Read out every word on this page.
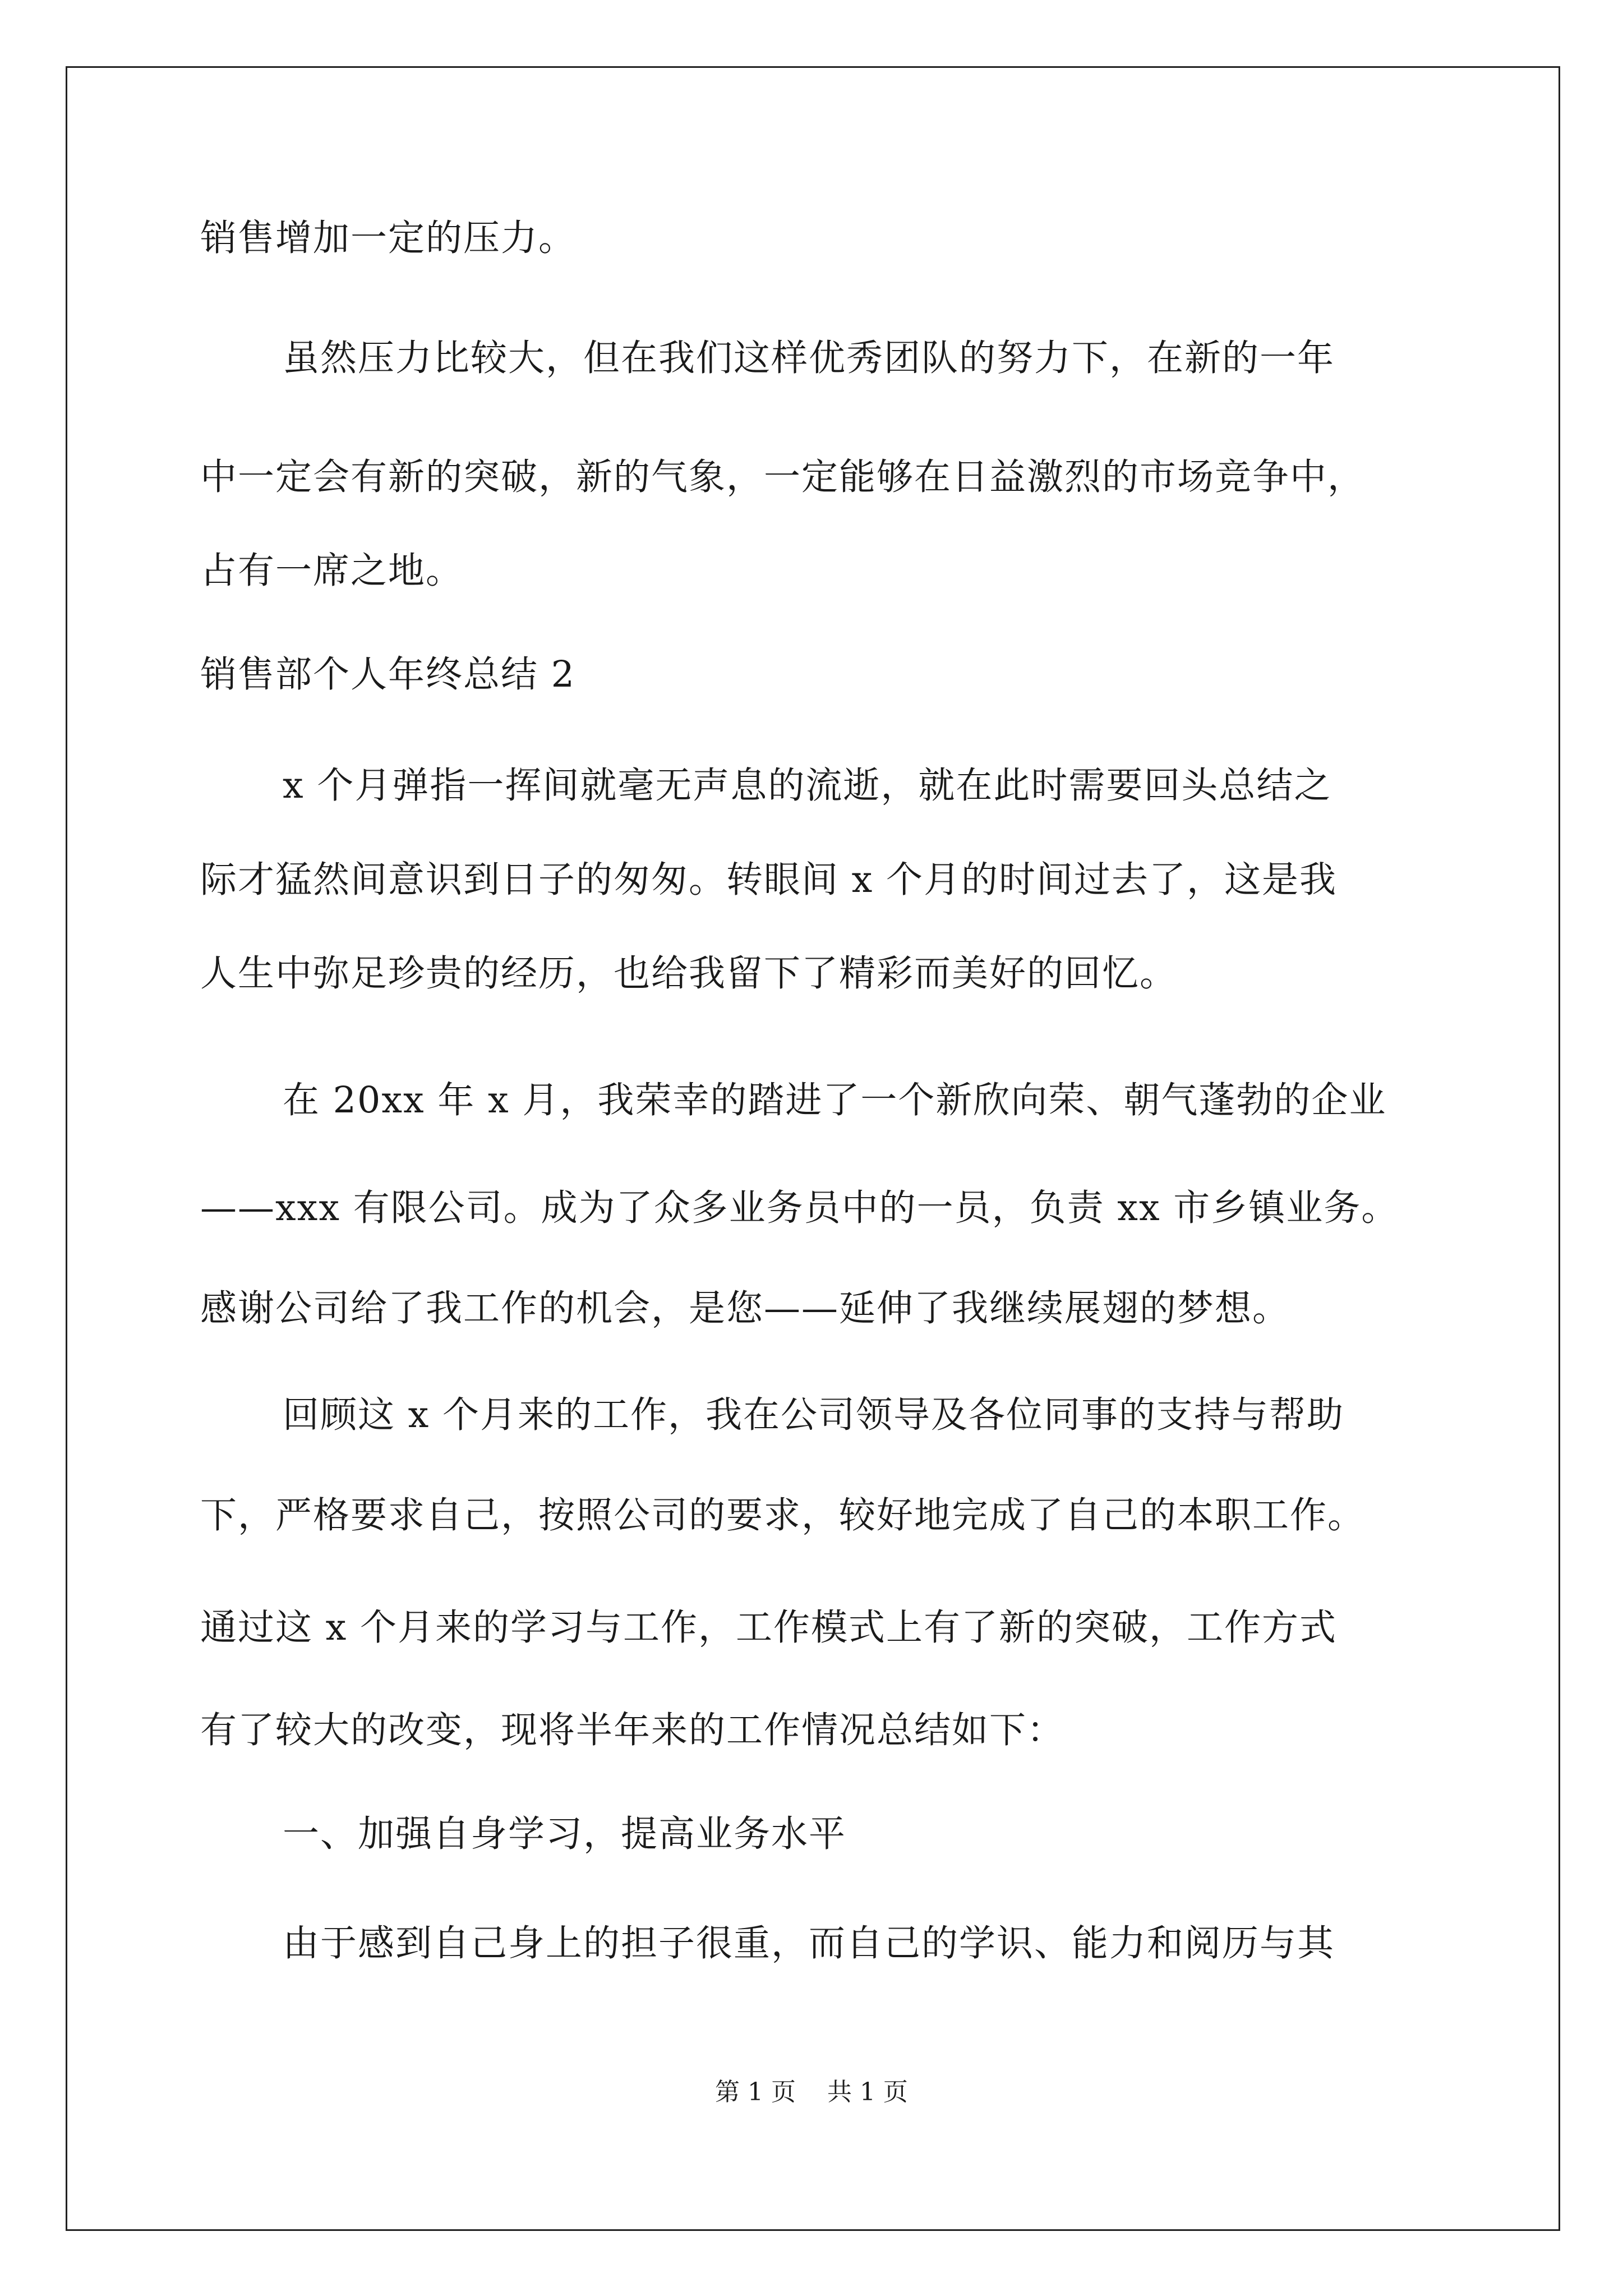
销售增加一定的压力。
虽然压力比较大，但在我们这样优秀团队的努力下，在新的一年
中一定会有新的突破，新的气象，一定能够在日益激烈的市场竞争中，
占有一席之地。
销售部个人年终总结 2
x 个月弹指一挥间就毫无声息的流逝，就在此时需要回头总结之
际才猛然间意识到日子的匆匆。转眼间 x 个月的时间过去了，这是我
人生中弥足珍贵的经历，也给我留下了精彩而美好的回忆。
在 20xx 年 x 月，我荣幸的踏进了一个新欣向荣、朝气蓬勃的企业
——xxx 有限公司。成为了众多业务员中的一员，负责 xx 市乡镇业务。
感谢公司给了我工作的机会，是您——延伸了我继续展翅的梦想。
回顾这 x 个月来的工作，我在公司领导及各位同事的支持与帮助
下，严格要求自己，按照公司的要求，较好地完成了自己的本职工作。
通过这 x 个月来的学习与工作，工作模式上有了新的突破，工作方式
有了较大的改变，现将半年来的工作情况总结如下：
一、加强自身学习，提高业务水平
由于感到自己身上的担子很重，而自己的学识、能力和阅历与其
第 1 页    共 1 页
